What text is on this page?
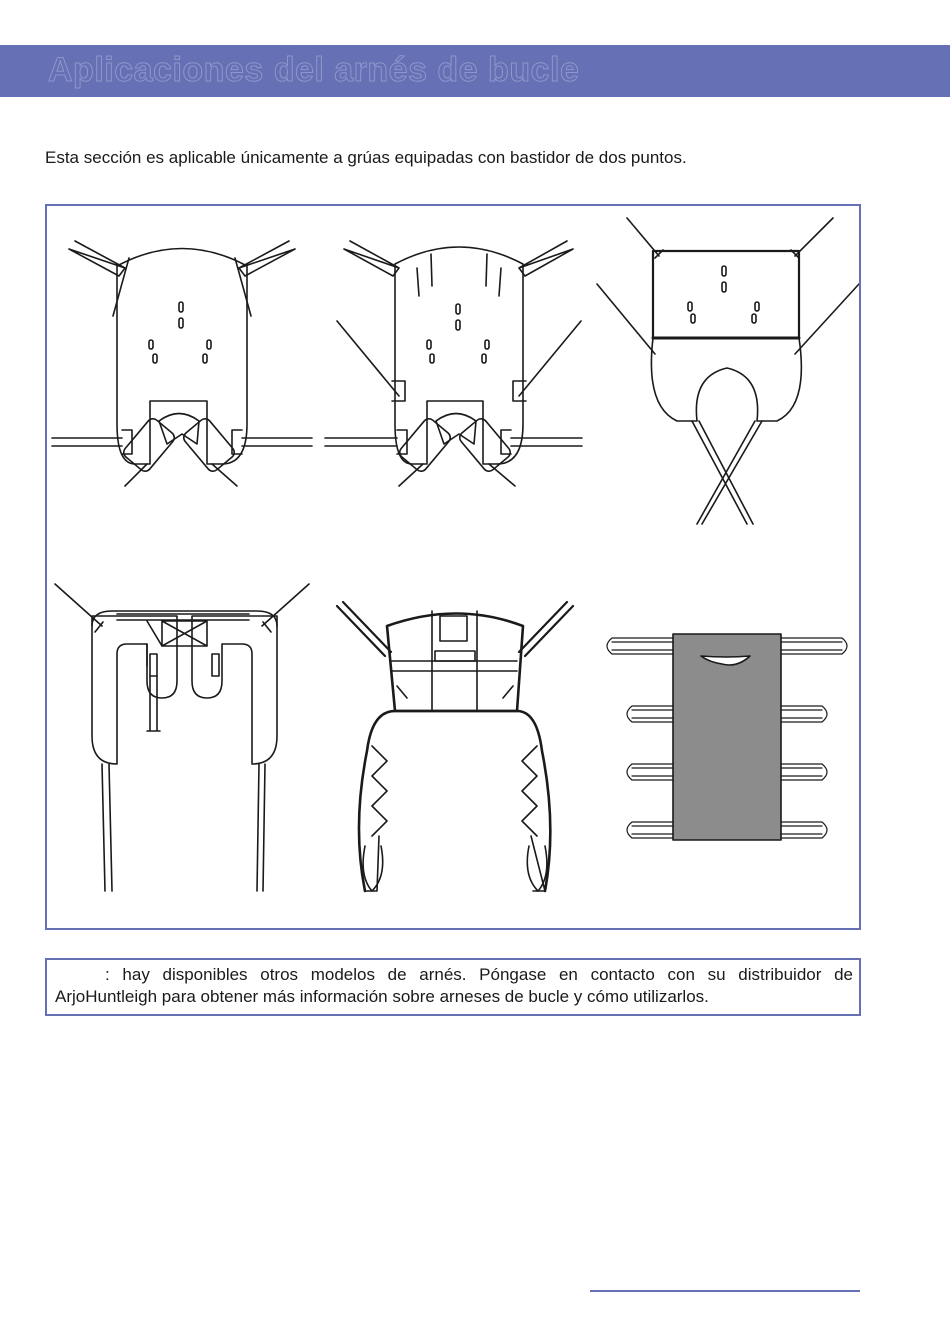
Aplicaciones del arnés de bucle

Esta sección es aplicable únicamente a grúas equipadas con bastidor de dos puntos.

: hay disponibles otros modelos de arnés. Póngase en contacto con su distribuidor de ArjoHuntleigh para obtener más información sobre arneses de bucle y cómo utilizarlos.
